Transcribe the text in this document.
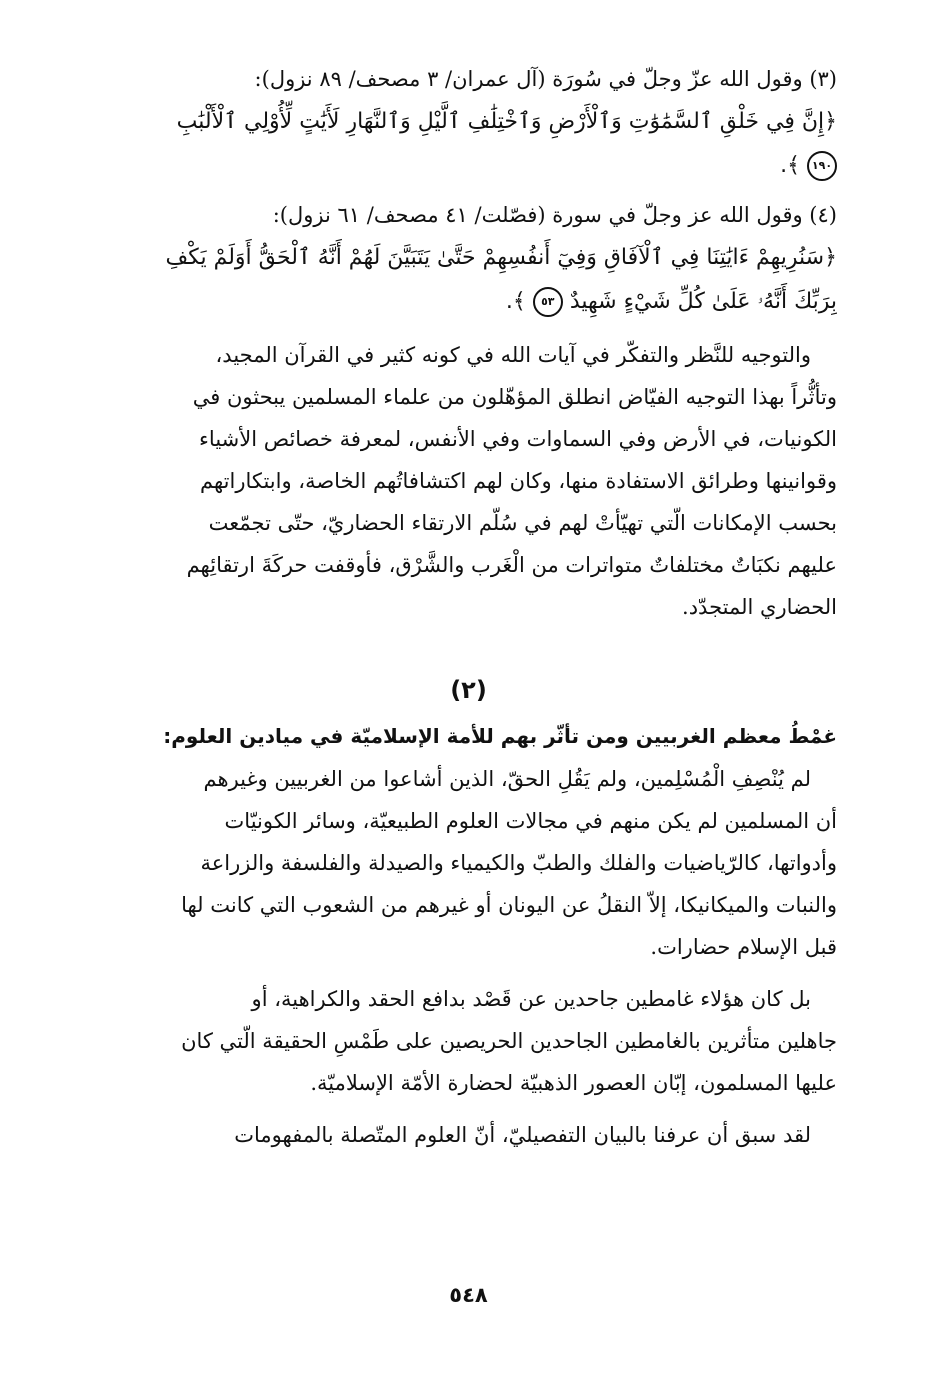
(٣) وقول الله عزّ وجلّ في سُورَة (آل عمران/ ٣ مصحف/ ٨٩ نزول):
﴿إِنَّ فِي خَلْقِ ٱلسَّمَٰوَٰتِ وَٱلْأَرْضِ وَٱخْتِلَٰفِ ٱلَّيْلِ وَٱلنَّهَارِ لَأَيَٰتٍ لِّأُوْلِي ٱلْأَلْبَٰبِ
١٩٠ ﴾.
(٤) وقول الله عز وجلّ في سورة (فصّلت/ ٤١ مصحف/ ٦١ نزول):
﴿سَنُرِيهِمْ ءَايَٰتِنَا فِي ٱلْآفَاقِ وَفِيٓ أَنفُسِهِمْ حَتَّىٰ يَتَبَيَّنَ لَهُمْ أَنَّهُ ٱلْحَقُّ أَوَلَمْ يَكْفِ
بِرَبِّكَ أَنَّهُۥ عَلَىٰ كُلِّ شَيْءٍ شَهِيدٌ ٥٣ ﴾.
والتوجيه للنَّظر والتفكّر في آيات الله في كونه كثير في القرآن المجيد،
وتأثُّراً بهذا التوجيه الفيّاض انطلق المؤهّلون من علماء المسلمين يبحثون في
الكونيات، في الأرض وفي السماوات وفي الأنفس، لمعرفة خصائص الأشياء
وقوانينها وطرائق الاستفادة منها، وكان لهم اكتشافاتُهم الخاصة، وابتكاراتهم
بحسب الإمكانات الّتي تهيّأتْ لهم في سُلّم الارتقاء الحضاريّ، حتّى تجمّعت
عليهم نكبَاتٌ مختلفاتٌ متواترات من الْغَرب والشَّرْق، فأوقفت حركَةَ ارتقائِهم
الحضاري المتجدّد.
(٢)
غمْطُ معظم الغربيين ومن تأثّر بهم للأمة الإسلاميّة في ميادين العلوم:
لم يُنْصِفِ الْمُسْلِمين، ولم يَقُلِ الحقّ، الذين أشاعوا من الغربيين وغيرهم
أن المسلمين لم يكن منهم في مجالات العلوم الطبيعيّة، وسائر الكونيّات
وأدواتها، كالرّياضيات والفلك والطبّ والكيمياء والصيدلة والفلسفة والزراعة
والنبات والميكانيكا، إلاّ النقلُ عن اليونان أو غيرهم من الشعوب التي كانت لها
قبل الإسلام حضارات.
بل كان هؤلاء غامطين جاحدين عن قَصْد بدافع الحقد والكراهية، أو
جاهلين متأثرين بالغامطين الجاحدين الحريصين على طَمْسِ الحقيقة الّتي كان
عليها المسلمون، إبّان العصور الذهبيّة لحضارة الأمّة الإسلاميّة.
لقد سبق أن عرفنا بالبيان التفصيليّ، أنّ العلوم المتّصلة بالمفهومات
٥٤٨
